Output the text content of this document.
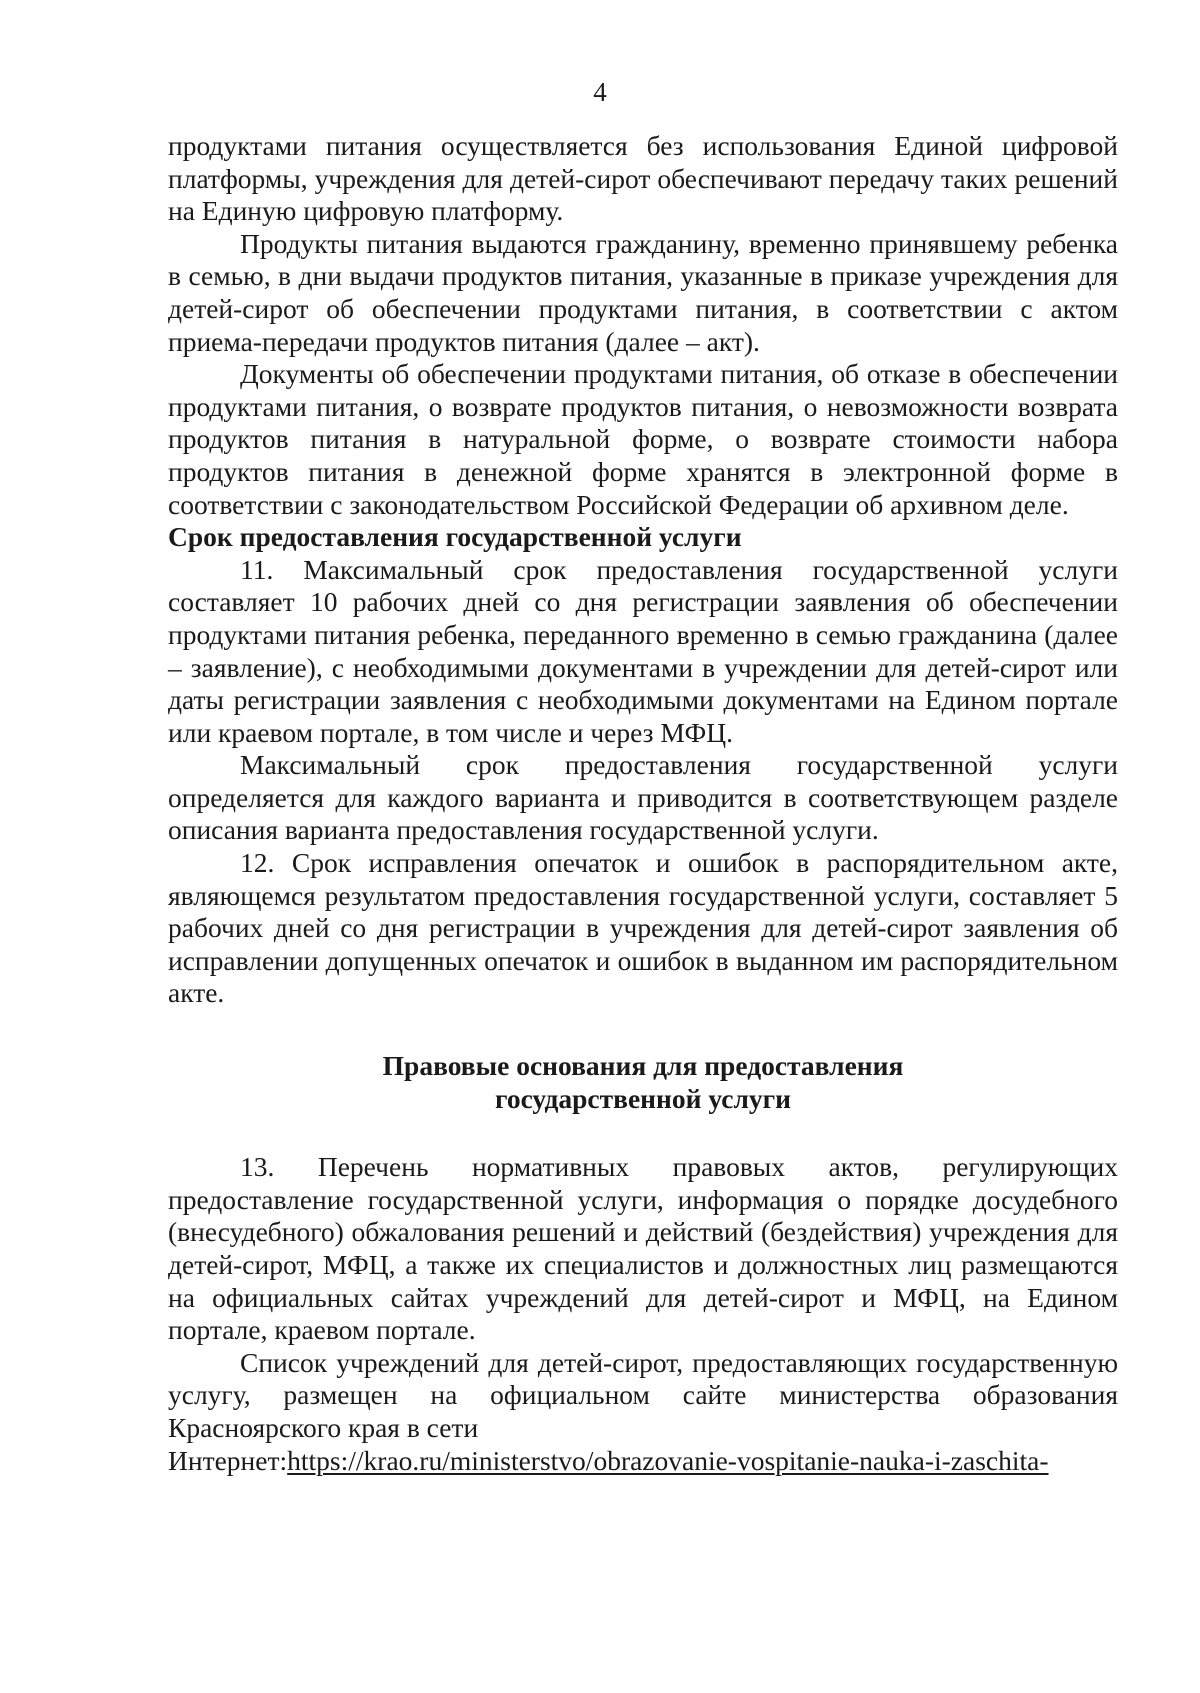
4

продуктами питания осуществляется без использования Единой цифровой платформы, учреждения для детей-сирот обеспечивают передачу таких решений на Единую цифровую платформу.

Продукты питания выдаются гражданину, временно принявшему ребенка в семью, в дни выдачи продуктов питания, указанные в приказе учреждения для детей-сирот об обеспечении продуктами питания, в соответствии с актом приема-передачи продуктов питания (далее – акт).

Документы об обеспечении продуктами питания, об отказе в обеспечении продуктами питания, о возврате продуктов питания, о невозможности возврата продуктов питания в натуральной форме, о возврате стоимости набора продуктов питания в денежной форме хранятся в электронной форме в соответствии с законодательством Российской Федерации об архивном деле.

Срок предоставления государственной услуги

11. Максимальный срок предоставления государственной услуги составляет 10 рабочих дней со дня регистрации заявления об обеспечении продуктами питания ребенка, переданного временно в семью гражданина (далее – заявление), с необходимыми документами в учреждении для детей-сирот или даты регистрации заявления с необходимыми документами на Едином портале или краевом портале, в том числе и через МФЦ.

Максимальный срок предоставления государственной услуги определяется для каждого варианта и приводится в соответствующем разделе описания варианта предоставления государственной услуги.

12. Срок исправления опечаток и ошибок в распорядительном акте, являющемся результатом предоставления государственной услуги, составляет 5 рабочих дней со дня регистрации в учреждения для детей-сирот заявления об исправлении допущенных опечаток и ошибок в выданном им распорядительном акте.

Правовые основания для предоставления
государственной услуги

13. Перечень нормативных правовых актов, регулирующих предоставление государственной услуги, информация о порядке досудебного (внесудебного) обжалования решений и действий (бездействия) учреждения для детей-сирот, МФЦ, а также их специалистов и должностных лиц размещаются на официальных сайтах учреждений для детей-сирот и МФЦ, на Едином портале, краевом портале.

Список учреждений для детей-сирот, предоставляющих государственную услугу, размещен на официальном сайте министерства образования Красноярского края в сети

Интернет:https://krao.ru/ministerstvo/obrazovanie-vospitanie-nauka-i-zaschita-
